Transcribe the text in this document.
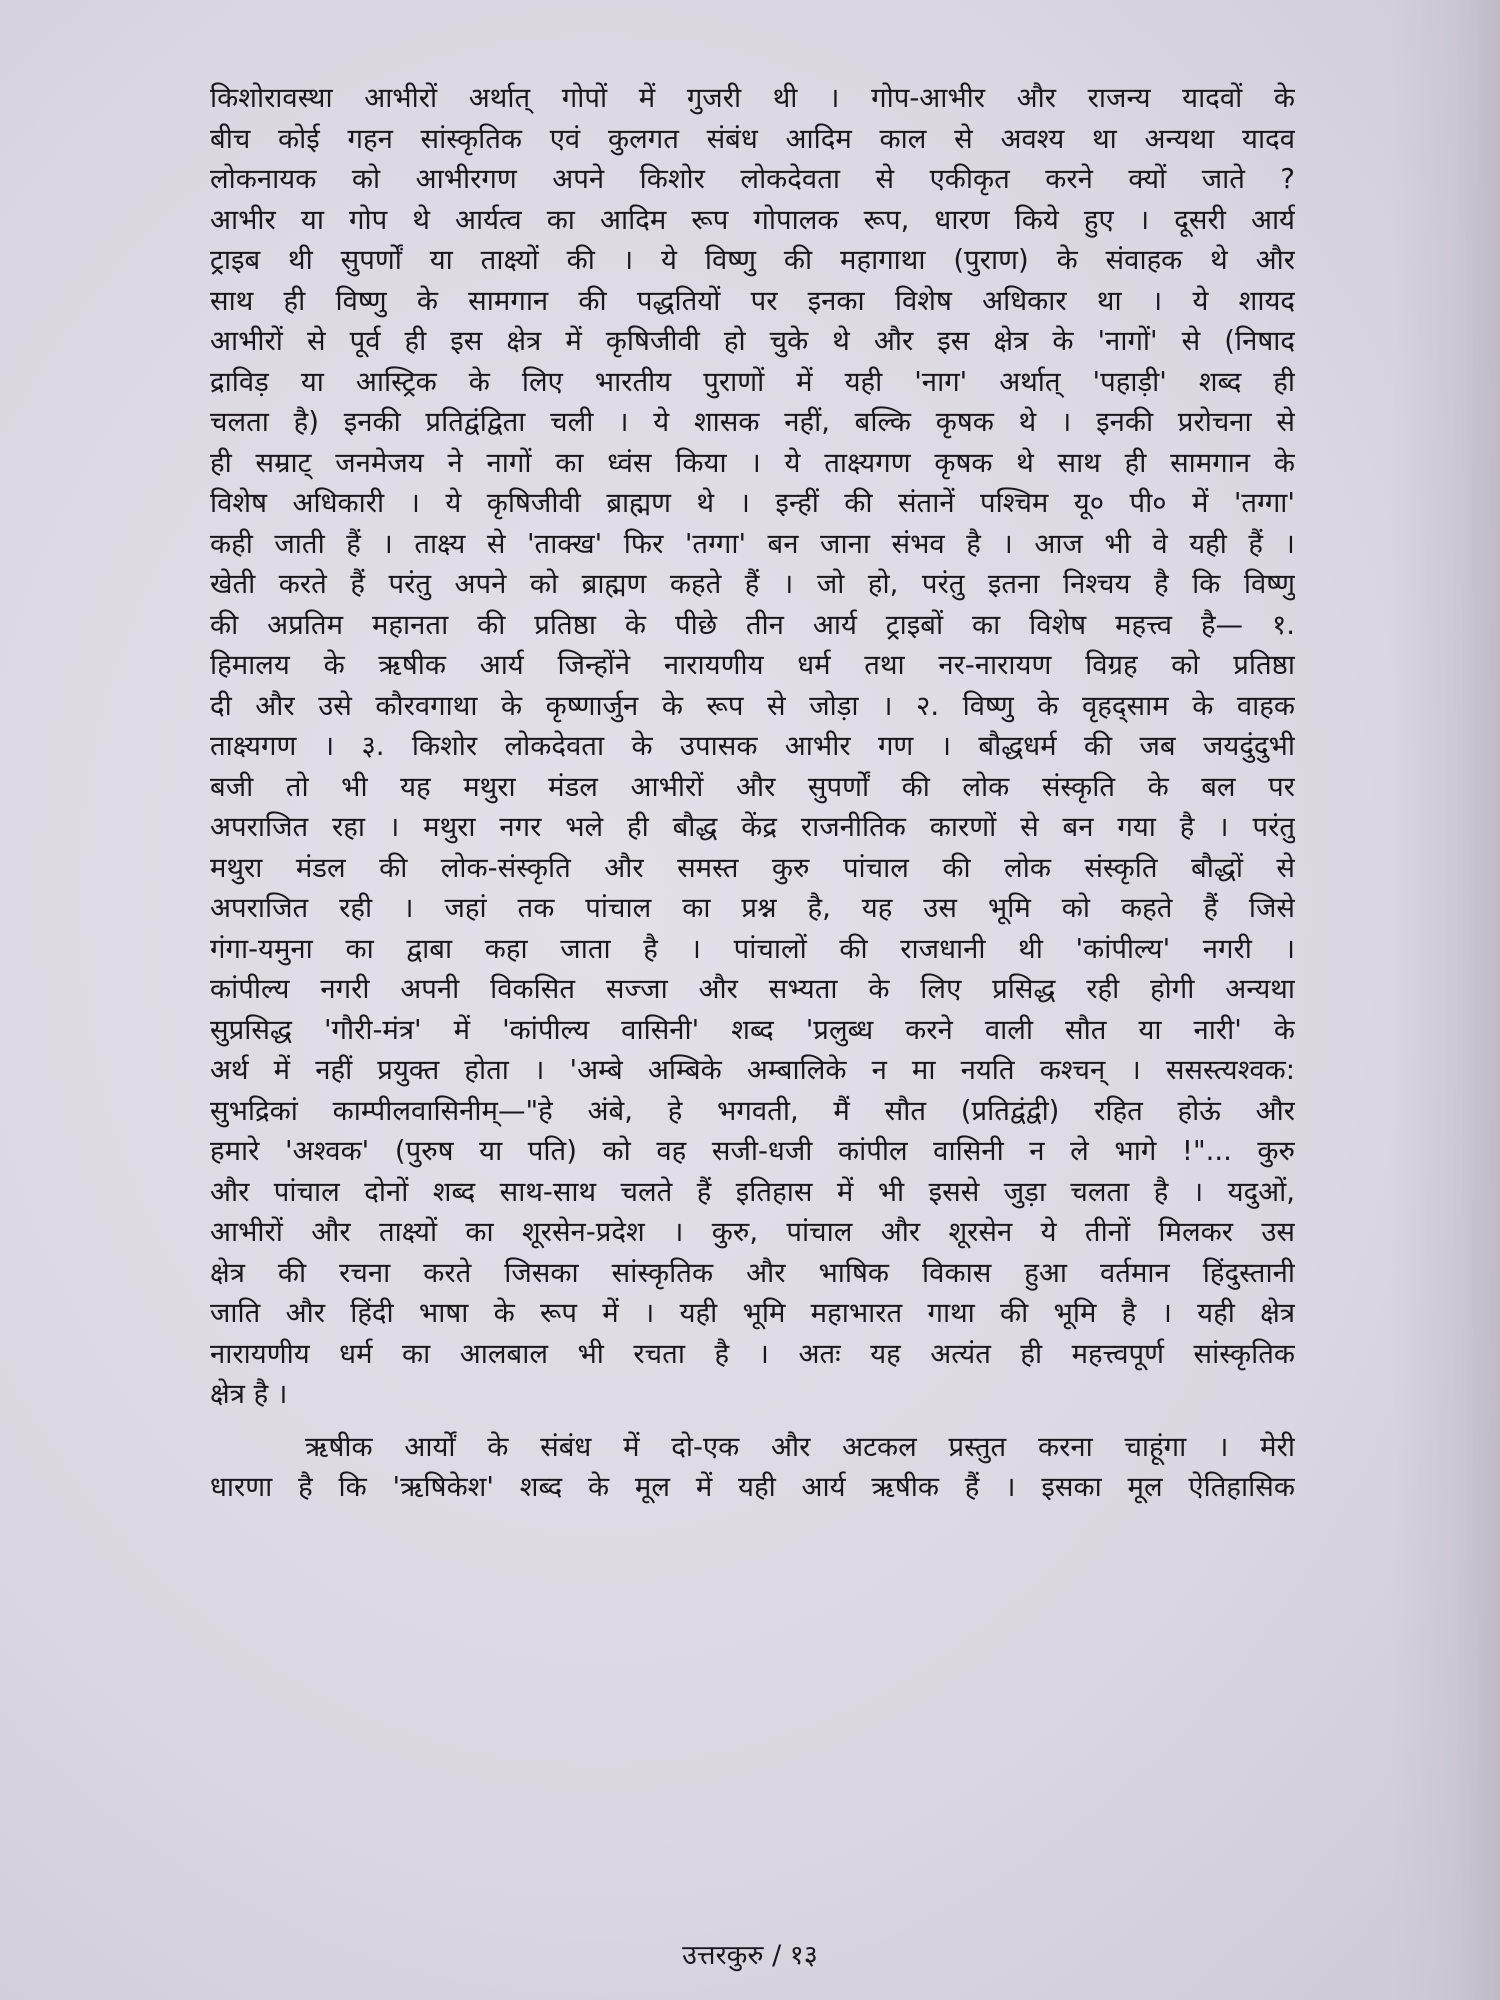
किशोरावस्था आभीरों अर्थात् गोपों में गुजरी थी । गोप-आभीर और राजन्य यादवों के
बीच कोई गहन सांस्कृतिक एवं कुलगत संबंध आदिम काल से अवश्य था अन्यथा यादव
लोकनायक को आभीरगण अपने किशोर लोकदेवता से एकीकृत करने क्यों जाते ?
आभीर या गोप थे आर्यत्व का आदिम रूप गोपालक रूप, धारण किये हुए । दूसरी आर्य
ट्राइब थी सुपर्णों या ताक्ष्यों की । ये विष्णु की महागाथा (पुराण) के संवाहक थे और
साथ ही विष्णु के सामगान की पद्धतियों पर इनका विशेष अधिकार था । ये शायद
आभीरों से पूर्व ही इस क्षेत्र में कृषिजीवी हो चुके थे और इस क्षेत्र के 'नागों' से (निषाद
द्राविड़ या आस्ट्रिक के लिए भारतीय पुराणों में यही 'नाग' अर्थात् 'पहाड़ी' शब्द ही
चलता है) इनकी प्रतिद्वंद्विता चली । ये शासक नहीं, बल्कि कृषक थे । इनकी प्ररोचना से
ही सम्राट् जनमेजय ने नागों का ध्वंस किया । ये ताक्ष्यगण कृषक थे साथ ही सामगान के
विशेष अधिकारी । ये कृषिजीवी ब्राह्मण थे । इन्हीं की संतानें पश्चिम यू० पी० में 'तग्गा'
कही जाती हैं । ताक्ष्य से 'ताक्ख' फिर 'तग्गा' बन जाना संभव है । आज भी वे यही हैं ।
खेती करते हैं परंतु अपने को ब्राह्मण कहते हैं । जो हो, परंतु इतना निश्चय है कि विष्णु
की अप्रतिम महानता की प्रतिष्ठा के पीछे तीन आर्य ट्राइबों का विशेष महत्त्व है— १.
हिमालय के ऋषीक आर्य जिन्होंने नारायणीय धर्म तथा नर-नारायण विग्रह को प्रतिष्ठा
दी और उसे कौरवगाथा के कृष्णार्जुन के रूप से जोड़ा । २. विष्णु के वृहद्साम के वाहक
ताक्ष्यगण । ३. किशोर लोकदेवता के उपासक आभीर गण । बौद्धधर्म की जब जयदुंदुभी
बजी तो भी यह मथुरा मंडल आभीरों और सुपर्णों की लोक संस्कृति के बल पर
अपराजित रहा । मथुरा नगर भले ही बौद्ध केंद्र राजनीतिक कारणों से बन गया है । परंतु
मथुरा मंडल की लोक-संस्कृति और समस्त कुरु पांचाल की लोक संस्कृति बौद्धों से
अपराजित रही । जहां तक पांचाल का प्रश्न है, यह उस भूमि को कहते हैं जिसे
गंगा-यमुना का द्वाबा कहा जाता है । पांचालों की राजधानी थी 'कांपील्य' नगरी ।
कांपील्य नगरी अपनी विकसित सज्जा और सभ्यता के लिए प्रसिद्ध रही होगी अन्यथा
सुप्रसिद्ध 'गौरी-मंत्र' में 'कांपील्य वासिनी' शब्द 'प्रलुब्ध करने वाली सौत या नारी' के
अर्थ में नहीं प्रयुक्त होता । 'अम्बे अम्बिके अम्बालिके न मा नयति कश्चन् । ससस्त्यश्वक:
सुभद्रिकां काम्पीलवासिनीम्—"हे अंबे, हे भगवती, मैं सौत (प्रतिद्वंद्वी) रहित होऊं और
हमारे 'अश्वक' (पुरुष या पति) को वह सजी-धजी कांपील वासिनी न ले भागे !"... कुरु
और पांचाल दोनों शब्द साथ-साथ चलते हैं इतिहास में भी इससे जुड़ा चलता है । यदुओं,
आभीरों और ताक्ष्यों का शूरसेन-प्रदेश । कुरु, पांचाल और शूरसेन ये तीनों मिलकर उस
क्षेत्र की रचना करते जिसका सांस्कृतिक और भाषिक विकास हुआ वर्तमान हिंदुस्तानी
जाति और हिंदी भाषा के रूप में । यही भूमि महाभारत गाथा की भूमि है । यही क्षेत्र
नारायणीय धर्म का आलबाल भी रचता है । अतः यह अत्यंत ही महत्त्वपूर्ण सांस्कृतिक
क्षेत्र है ।
ऋषीक आर्यों के संबंध में दो-एक और अटकल प्रस्तुत करना चाहूंगा । मेरी
धारणा है कि 'ऋषिकेश' शब्द के मूल में यही आर्य ऋषीक हैं । इसका मूल ऐतिहासिक
उत्तरकुरु / १३
